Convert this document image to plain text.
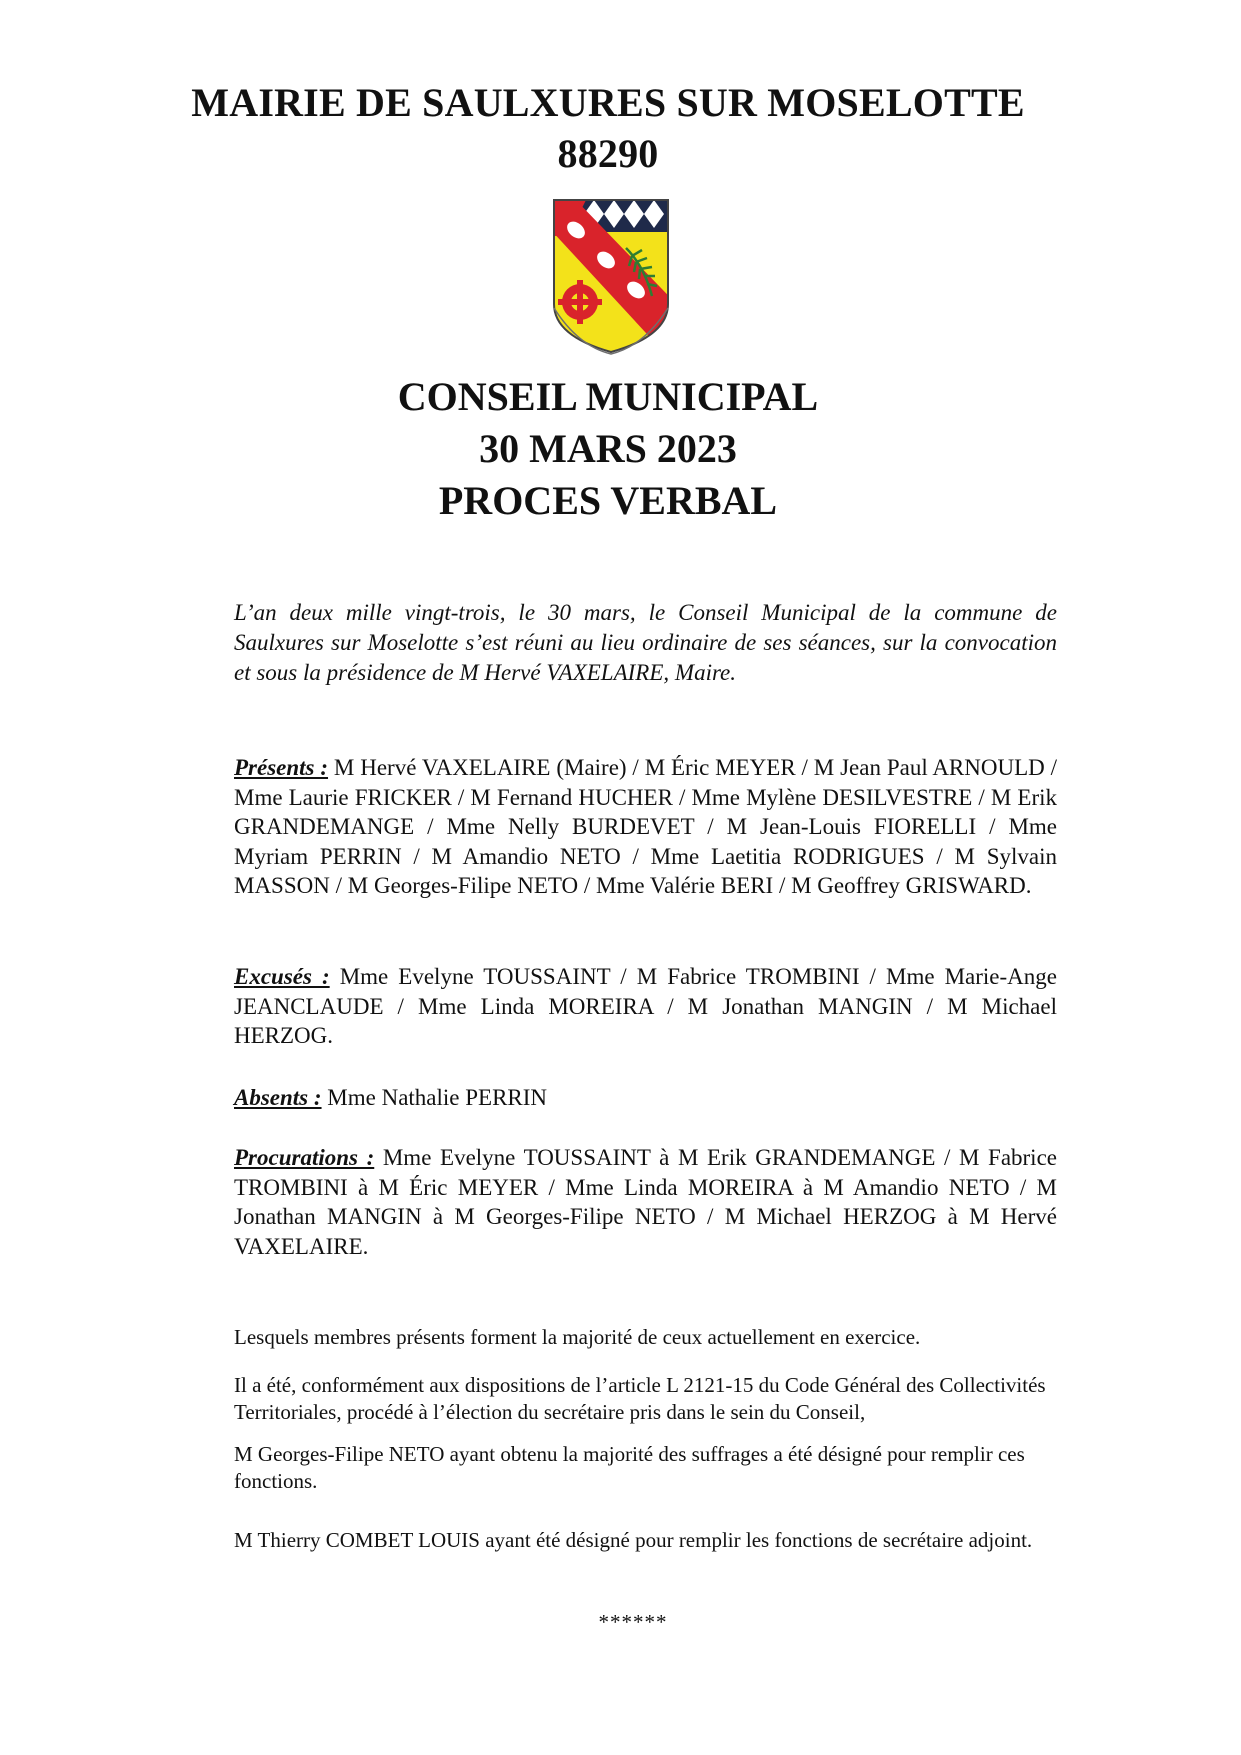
MAIRIE DE SAULXURES SUR MOSELOTTE
88290
CONSEIL MUNICIPAL
30 MARS 2023
PROCES VERBAL
L’an deux mille vingt-trois, le 30 mars, le Conseil Municipal de la commune de Saulxures sur Moselotte s’est réuni au lieu ordinaire de ses séances, sur la convocation et sous la présidence de M Hervé VAXELAIRE, Maire.
Présents : M Hervé VAXELAIRE (Maire) / M Éric MEYER / M Jean Paul ARNOULD / Mme Laurie FRICKER / M Fernand HUCHER / Mme Mylène DESILVESTRE / M Erik GRANDEMANGE / Mme Nelly BURDEVET / M Jean-Louis FIORELLI / Mme Myriam PERRIN / M Amandio NETO / Mme Laetitia RODRIGUES / M Sylvain MASSON / M Georges-Filipe NETO / Mme Valérie BERI / M Geoffrey GRISWARD.
Excusés : Mme Evelyne TOUSSAINT / M Fabrice TROMBINI / Mme Marie-Ange JEANCLAUDE / Mme Linda MOREIRA / M Jonathan MANGIN / M Michael HERZOG.
Absents : Mme Nathalie PERRIN
Procurations : Mme Evelyne TOUSSAINT à M Erik GRANDEMANGE / M Fabrice TROMBINI à M Éric MEYER / Mme Linda MOREIRA à M Amandio NETO / M Jonathan MANGIN à M Georges-Filipe NETO / M Michael HERZOG à M Hervé VAXELAIRE.
Lesquels membres présents forment la majorité de ceux actuellement en exercice.
Il a été, conformément aux dispositions de l’article L 2121-15 du Code Général des Collectivités Territoriales, procédé à l’élection du secrétaire pris dans le sein du Conseil,
M Georges-Filipe NETO ayant obtenu la majorité des suffrages a été désigné pour remplir ces fonctions.
M Thierry COMBET LOUIS ayant été désigné pour remplir les fonctions de secrétaire adjoint.
******
